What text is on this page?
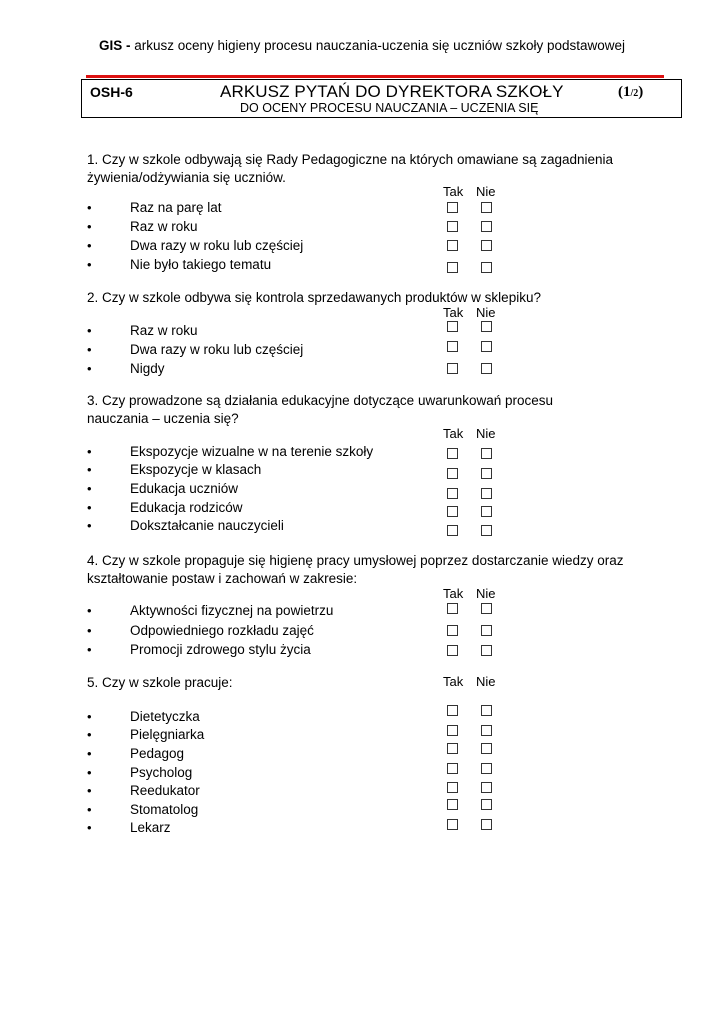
GIS - arkusz oceny higieny procesu nauczania-uczenia się uczniów szkoły podstawowej
OSH-6	ARKUSZ PYTAŃ DO DYREKTORA SZKOŁY
DO OCENY PROCESU NAUCZANIA – UCZENIA SIĘ
(1/2)
1. Czy w szkole odbywają się Rady Pedagogiczne na których omawiane są zagadnienia
żywienia/odżywiania się uczniów.
Tak Nie
•	Raz na parę lat
•	Raz w roku
•	Dwa razy w roku lub częściej
•	Nie było takiego tematu
2. Czy w szkole odbywa się kontrola sprzedawanych produktów w sklepiku?
Tak Nie
•	Raz w roku
•	Dwa razy w roku lub częściej
•	Nigdy
3. Czy prowadzone są działania edukacyjne dotyczące uwarunkowań procesu
nauczania – uczenia się?
Tak Nie
•	Ekspozycje wizualne w na terenie szkoły
•	Ekspozycje w klasach
•	Edukacja uczniów
•	Edukacja rodziców
•	Dokształcanie nauczycieli
4. Czy w szkole propaguje się higienę pracy umysłowej poprzez dostarczanie wiedzy oraz
kształtowanie postaw i zachowań w zakresie:
Tak Nie
•	Aktywności fizycznej na powietrzu
•	Odpowiedniego rozkładu zajęć
•	Promocji zdrowego stylu życia
5. Czy w szkole pracuje:	Tak Nie
•	Dietetyczka
•	Pielęgniarka
•	Pedagog
•	Psycholog
•	Reedukator
•	Stomatolog
•	Lekarz
